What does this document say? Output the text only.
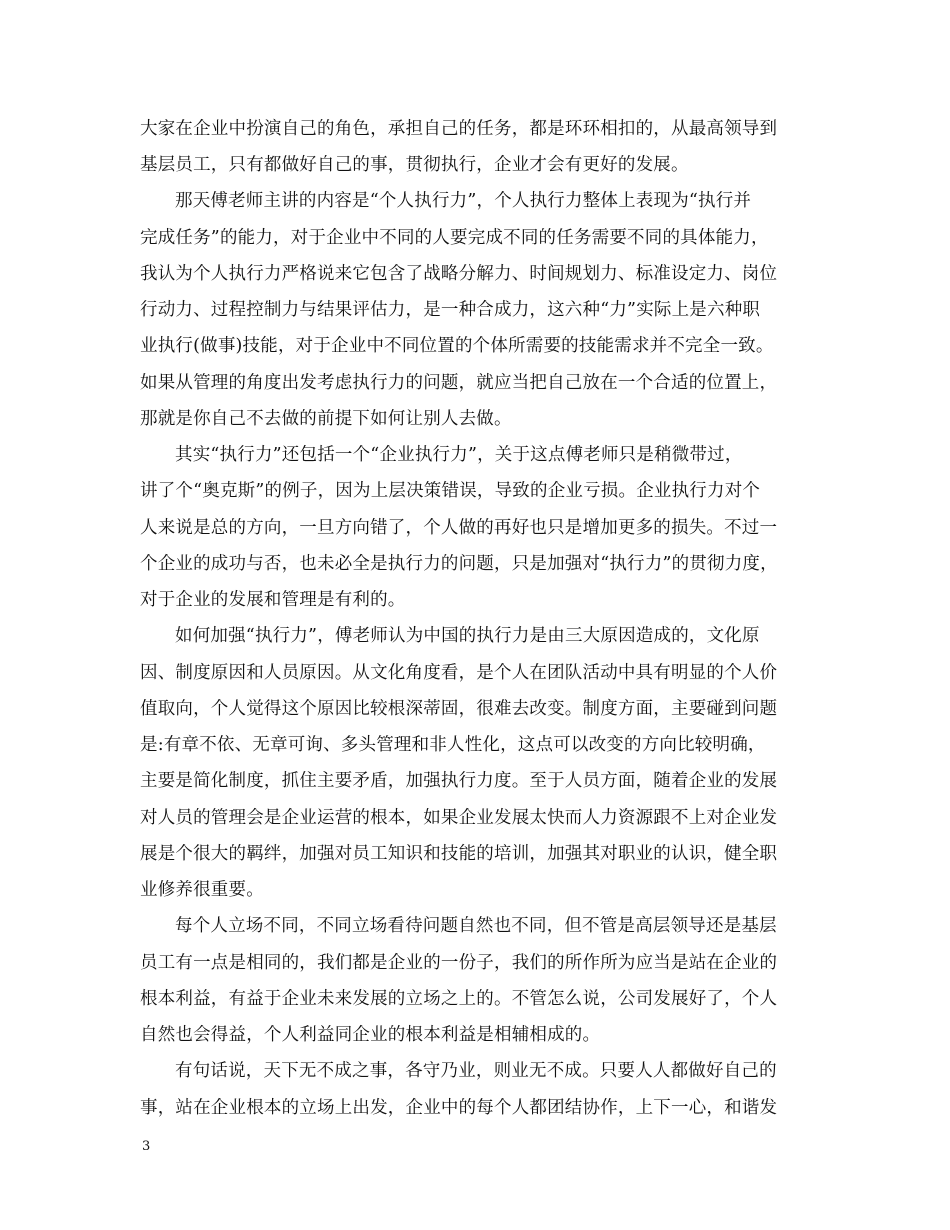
大家在企业中扮演自己的角色，承担自己的任务，都是环环相扣的，从最高领导到
基层员工，只有都做好自己的事，贯彻执行，企业才会有更好的发展。
那天傅老师主讲的内容是“个人执行力”，个人执行力整体上表现为“执行并
完成任务”的能力，对于企业中不同的人要完成不同的任务需要不同的具体能力，
我认为个人执行力严格说来它包含了战略分解力、时间规划力、标准设定力、岗位
行动力、过程控制力与结果评估力，是一种合成力，这六种“力”实际上是六种职
业执行(做事)技能，对于企业中不同位置的个体所需要的技能需求并不完全一致。
如果从管理的角度出发考虑执行力的问题，就应当把自己放在一个合适的位置上，
那就是你自己不去做的前提下如何让别人去做。
其实“执行力”还包括一个“企业执行力”，关于这点傅老师只是稍微带过，
讲了个“奥克斯”的例子，因为上层决策错误，导致的企业亏损。企业执行力对个
人来说是总的方向，一旦方向错了，个人做的再好也只是增加更多的损失。不过一
个企业的成功与否，也未必全是执行力的问题，只是加强对“执行力”的贯彻力度，
对于企业的发展和管理是有利的。
如何加强“执行力”，傅老师认为中国的执行力是由三大原因造成的，文化原
因、制度原因和人员原因。从文化角度看，是个人在团队活动中具有明显的个人价
值取向，个人觉得这个原因比较根深蒂固，很难去改变。制度方面，主要碰到问题
是:有章不依、无章可询、多头管理和非人性化，这点可以改变的方向比较明确，
主要是简化制度，抓住主要矛盾，加强执行力度。至于人员方面，随着企业的发展
对人员的管理会是企业运营的根本，如果企业发展太快而人力资源跟不上对企业发
展是个很大的羁绊，加强对员工知识和技能的培训，加强其对职业的认识，健全职
业修养很重要。
每个人立场不同，不同立场看待问题自然也不同，但不管是高层领导还是基层
员工有一点是相同的，我们都是企业的一份子，我们的所作所为应当是站在企业的
根本利益，有益于企业未来发展的立场之上的。不管怎么说，公司发展好了，个人
自然也会得益，个人利益同企业的根本利益是相辅相成的。
有句话说，天下无不成之事，各守乃业，则业无不成。只要人人都做好自己的
事，站在企业根本的立场上出发，企业中的每个人都团结协作，上下一心，和谐发
3
